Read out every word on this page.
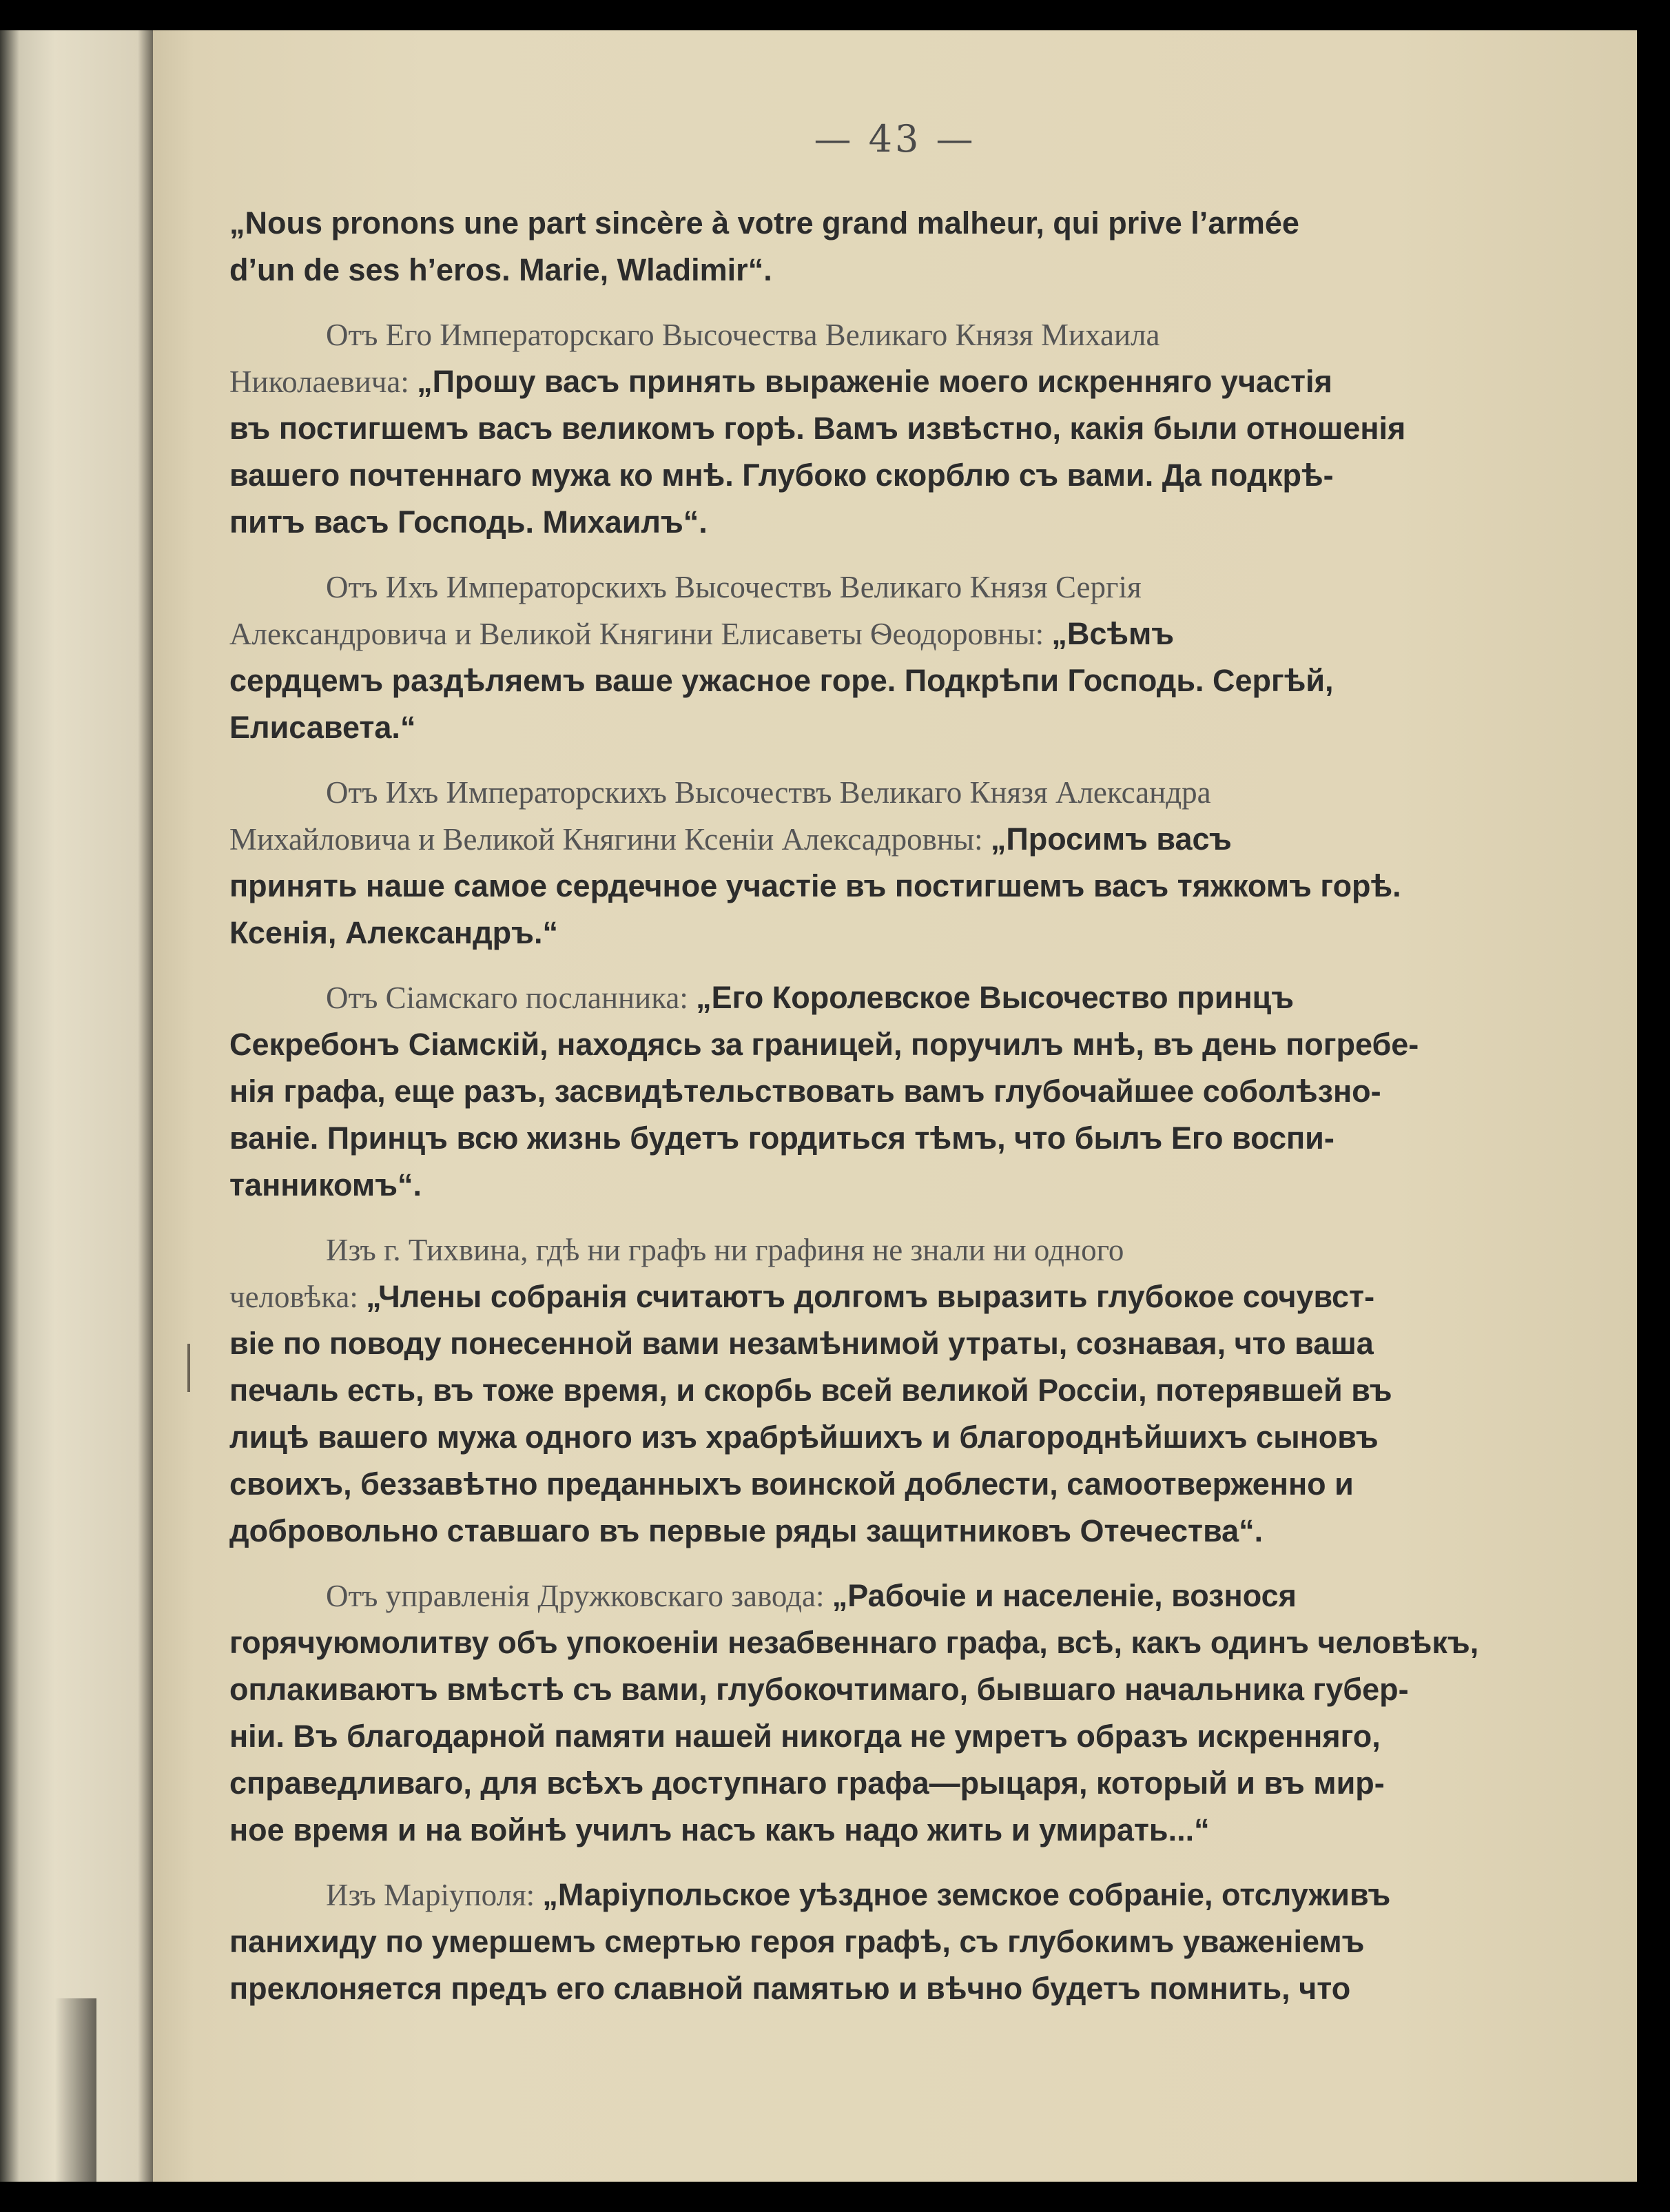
— 43 —
„Nous pronons une part sincère à votre grand malheur, qui prive l’armée
d’un de ses h’eros. Marie, Wladimir“.
Отъ Его Императорскаго Высочества Великаго Князя Михаила
Николаевича: „Прошу васъ принять выраженіе моего искренняго участія
въ постигшемъ васъ великомъ горѣ. Вамъ извѣстно, какія были отношенія
вашего почтеннаго мужа ко мнѣ. Глубоко скорблю съ вами. Да подкрѣ-
питъ васъ Господь. Михаилъ“.
Отъ Ихъ Императорскихъ Высочествъ Великаго Князя Сергія
Александровича и Великой Княгини Елисаветы Ѳеодоровны: „Всѣмъ
сердцемъ раздѣляемъ ваше ужасное горе. Подкрѣпи Господь. Сергѣй,
Елисавета.“
Отъ Ихъ Императорскихъ Высочествъ Великаго Князя Александра
Михайловича и Великой Княгини Ксеніи Алексадровны: „Просимъ васъ
принять наше самое сердечное участіе въ постигшемъ васъ тяжкомъ горѣ.
Ксенія, Александръ.“
Отъ Сіамскаго посланника: „Его Королевское Высочество принцъ
Секребонъ Сіамскій, находясь за границей, поручилъ мнѣ, въ день погребе-
нія графа, еще разъ, засвидѣтельствовать вамъ глубочайшее соболѣзно-
ваніе. Принцъ всю жизнь будетъ гордиться тѣмъ, что былъ Его воспи-
танникомъ“.
Изъ г. Тихвина, гдѣ ни графъ ни графиня не знали ни одного
человѣка: „Члены собранія считаютъ долгомъ выразить глубокое сочувст-
віе по поводу понесенной вами незамѣнимой утраты, сознавая, что ваша
печаль есть, въ тоже время, и скорбь всей великой Россіи, потерявшей въ
лицѣ вашего мужа одного изъ храбрѣйшихъ и благороднѣйшихъ сыновъ
своихъ, беззавѣтно преданныхъ воинской доблести, самоотверженно и
добровольно ставшаго въ первые ряды защитниковъ Отечества“.
Отъ управленія Дружковскаго завода: „Рабочіе и населеніе, вознося
горячуюмолитву объ упокоеніи незабвеннаго графа, всѣ, какъ одинъ человѣкъ,
оплакиваютъ вмѣстѣ съ вами, глубокочтимаго, бывшаго начальника губер-
ніи. Въ благодарной памяти нашей никогда не умретъ образъ искренняго,
справедливаго, для всѣхъ доступнаго графа—рыцаря, который и въ мир-
ное время и на войнѣ училъ насъ какъ надо жить и умирать...“
Изъ Маріуполя: „Маріупольское уѣздное земское собраніе, отслуживъ
панихиду по умершемъ смертью героя графѣ, съ глубокимъ уваженіемъ
преклоняется предъ его славной памятью и вѣчно будетъ помнить, что
